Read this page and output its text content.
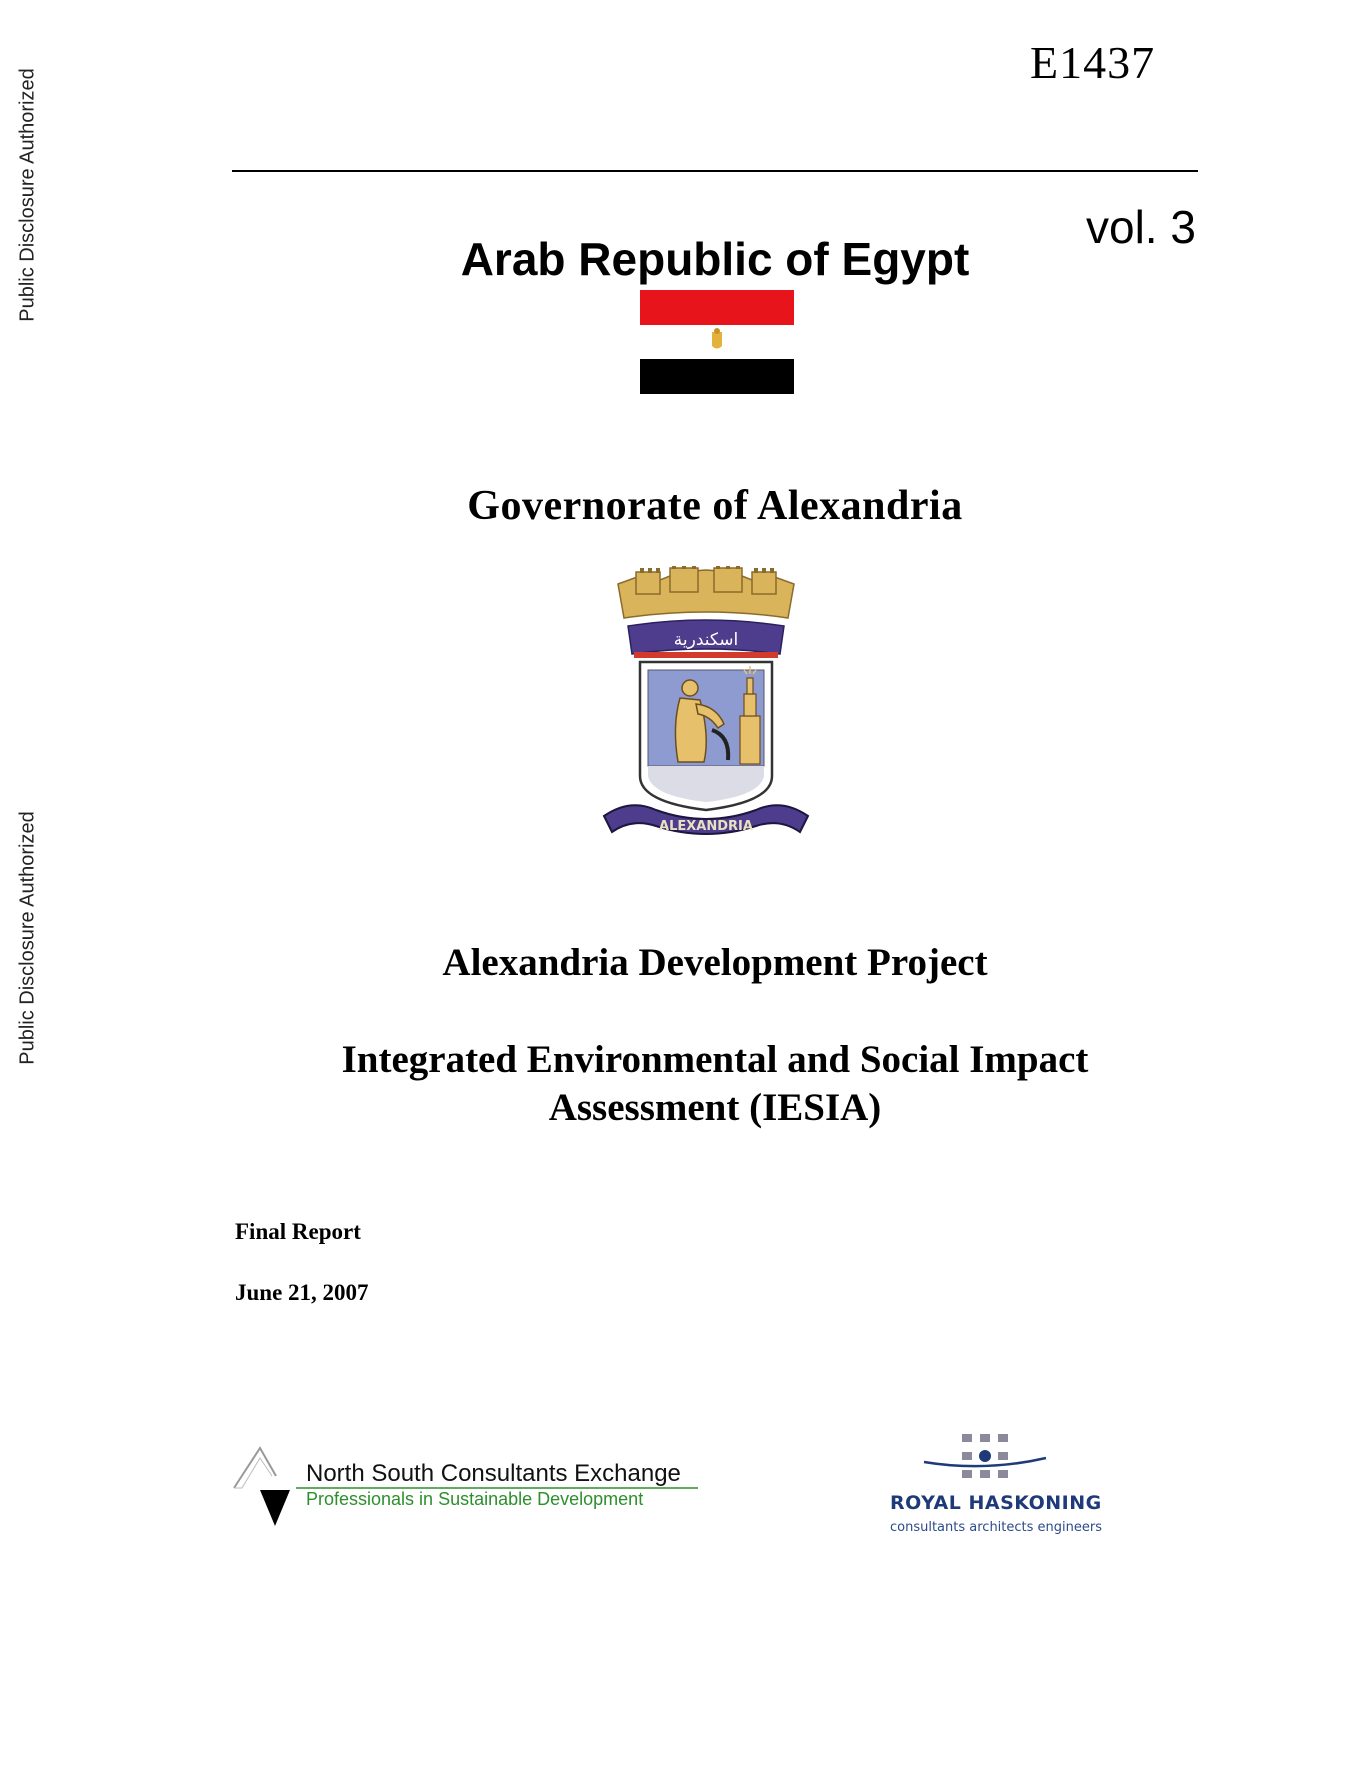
Public Disclosure Authorized
Public Disclosure Authorized
E1437
vol. 3
Arab Republic of Egypt
Governorate of Alexandria
اسكندرية
ALEXANDRIA
Alexandria Development Project
Integrated Environmental and Social Impact
Assessment (IESIA)
Final Report
June 21, 2007
North South Consultants Exchange
Professionals in Sustainable Development	ROYAL HASKONING
consultants architects engineers
